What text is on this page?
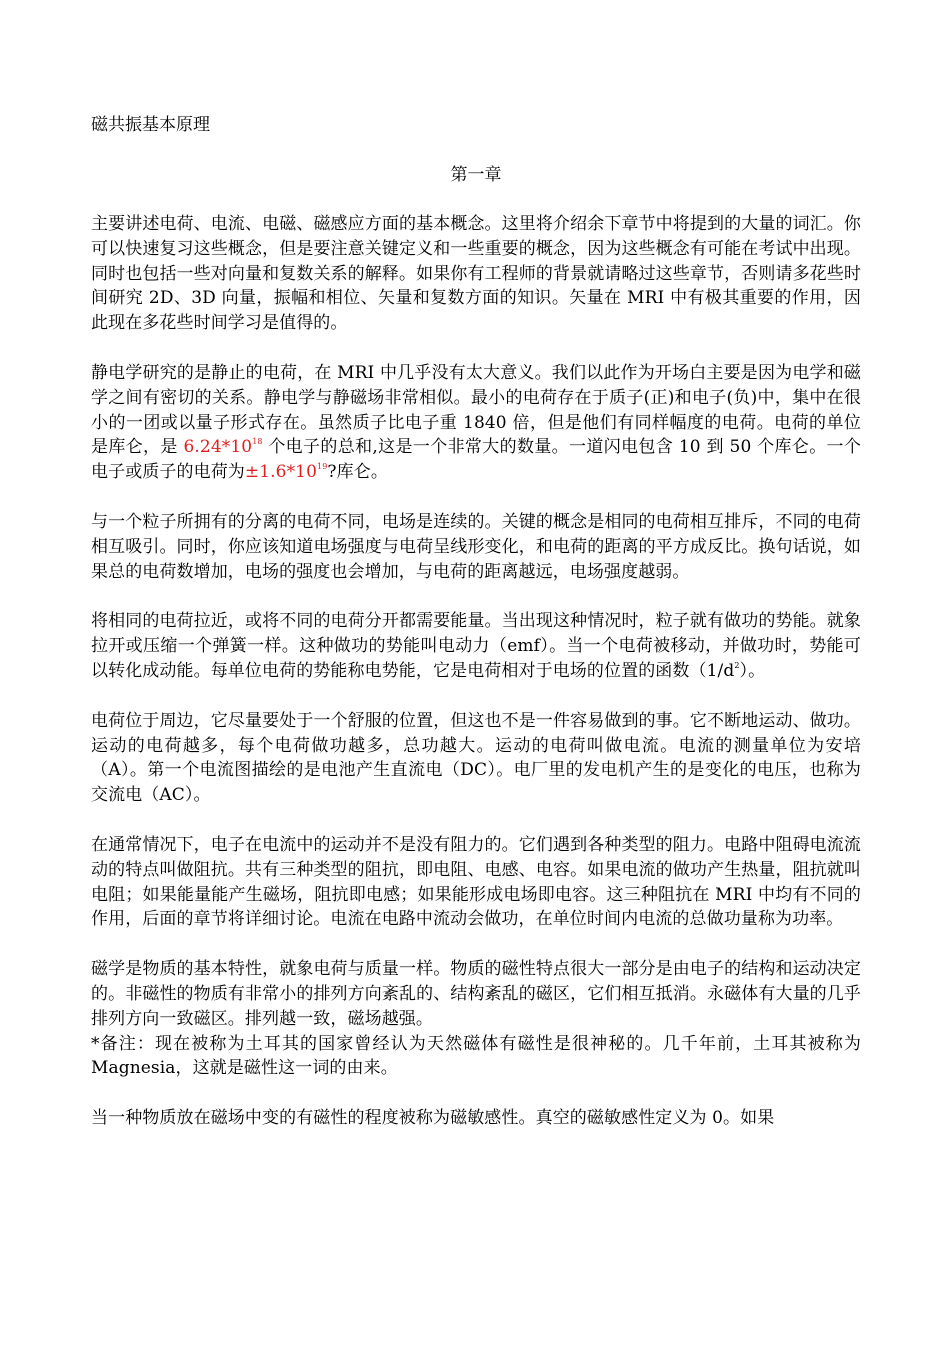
磁共振基本原理
第一章

主要讲述电荷、电流、电磁、磁感应方面的基本概念。这里将介绍余下章节中将提到的大量的词汇。你可以快速复习这些概念，但是要注意关键定义和一些重要的概念，因为这些概念有可能在考试中出现。同时也包括一些对向量和复数关系的解释。如果你有工程师的背景就请略过这些章节，否则请多花些时间研究 2D、3D 向量，振幅和相位、矢量和复数方面的知识。矢量在 MRI 中有极其重要的作用，因此现在多花些时间学习是值得的。

静电学研究的是静止的电荷，在 MRI 中几乎没有太大意义。我们以此作为开场白主要是因为电学和磁学之间有密切的关系。静电学与静磁场非常相似。最小的电荷存在于质子(正)和电子(负)中，集中在很小的一团或以量子形式存在。虽然质子比电子重 1840 倍，但是他们有同样幅度的电荷。电荷的单位是库仑，是 $6.24*10^{18}$ 个电子的总和,这是一个非常大的数量。一道闪电包含 10 到 50 个库仑。一个电子或质子的电荷为$\pm 1.6*10^{19}$?库仑。

与一个粒子所拥有的分离的电荷不同，电场是连续的。关键的概念是相同的电荷相互排斥，不同的电荷相互吸引。同时，你应该知道电场强度与电荷呈线形变化，和电荷的距离的平方成反比。换句话说，如果总的电荷数增加，电场的强度也会增加，与电荷的距离越远，电场强度越弱。

将相同的电荷拉近，或将不同的电荷分开都需要能量。当出现这种情况时，粒子就有做功的势能。就象拉开或压缩一个弹簧一样。这种做功的势能叫电动力（emf）。当一个电荷被移动，并做功时，势能可以转化成动能。每单位电荷的势能称电势能，它是电荷相对于电场的位置的函数$(1/d^2)$。

电荷位于周边，它尽量要处于一个舒服的位置，但这也不是一件容易做到的事。它不断地运动、做功。运动的电荷越多，每个电荷做功越多，总功越大。运动的电荷叫做电流。电流的测量单位为安培（A）。第一个电流图描绘的是电池产生直流电（DC）。电厂里的发电机产生的是变化的电压，也称为交流电（AC）。

在通常情况下，电子在电流中的运动并不是没有阻力的。它们遇到各种类型的阻力。电路中阻碍电流流动的特点叫做阻抗。共有三种类型的阻抗，即电阻、电感、电容。如果电流的做功产生热量，阻抗就叫电阻；如果能量能产生磁场，阻抗即电感；如果能形成电场即电容。这三种阻抗在 MRI 中均有不同的作用，后面的章节将详细讨论。电流在电路中流动会做功，在单位时间内电流的总做功量称为功率。

磁学是物质的基本特性，就象电荷与质量一样。物质的磁性特点很大一部分是由电子的结构和运动决定的。非磁性的物质有非常小的排列方向紊乱的、结构紊乱的磁区，它们相互抵消。永磁体有大量的几乎排列方向一致磁区。排列越一致，磁场越强。

*备注：现在被称为土耳其的国家曾经认为天然磁体有磁性是很神秘的。几千年前，土耳其被称为 Magnesia，这就是磁性这一词的由来。

当一种物质放在磁场中变的有磁性的程度被称为磁敏感性。真空的磁敏感性定义为 0。如果
